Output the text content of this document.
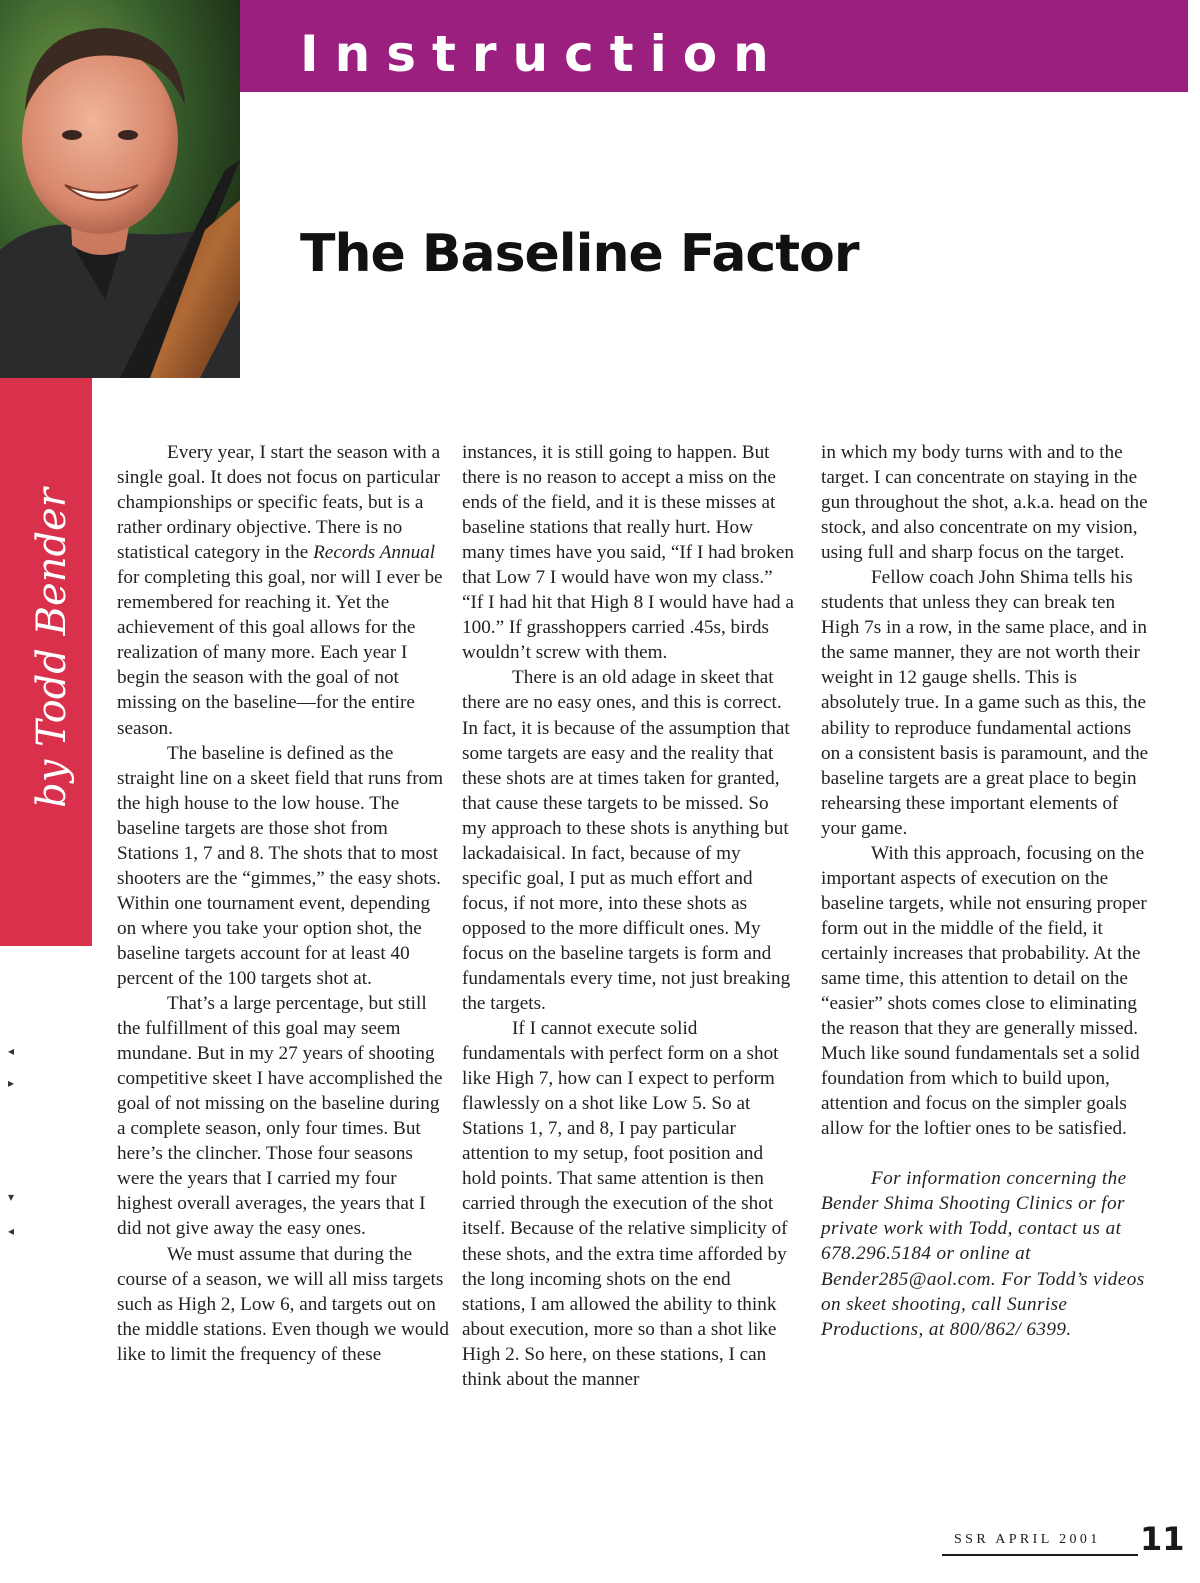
Instruction
by Todd Bender
◂
▸
▾
◂
The Baseline Factor

Every year, I start the season with a single goal. It does not focus on particular championships or specific feats, but is a rather ordinary objective. There is no statistical category in the Records Annual for completing this goal, nor will I ever be remembered for reaching it. Yet the achievement of this goal allows for the realization of many more. Each year I begin the season with the goal of not missing on the baseline—for the entire season.

The baseline is defined as the straight line on a skeet field that runs from the high house to the low house. The baseline targets are those shot from Stations 1, 7 and 8. The shots that to most shooters are the “gimmes,” the easy shots. Within one tournament event, depending on where you take your option shot, the baseline targets account for at least 40 percent of the 100 targets shot at.

That’s a large percentage, but still the fulfillment of this goal may seem mundane. But in my 27 years of shooting competitive skeet I have accomplished the goal of not missing on the baseline during a complete season, only four times. But here’s the clincher. Those four seasons were the years that I carried my four highest overall averages, the years that I did not give away the easy ones.

We must assume that during the course of a season, we will all miss targets such as High 2, Low 6, and targets out on the middle stations. Even though we would like to limit the frequency of these

instances, it is still going to happen. But there is no reason to accept a miss on the ends of the field, and it is these misses at baseline stations that really hurt. How many times have you said, “If I had broken that Low 7 I would have won my class.” “If I had hit that High 8 I would have had a 100.” If grasshoppers carried .45s, birds wouldn’t screw with them.

There is an old adage in skeet that there are no easy ones, and this is correct. In fact, it is because of the assumption that some targets are easy and the reality that these shots are at times taken for granted, that cause these targets to be missed. So my approach to these shots is anything but lackadaisical. In fact, because of my specific goal, I put as much effort and focus, if not more, into these shots as opposed to the more difficult ones. My focus on the baseline targets is form and fundamentals every time, not just breaking the targets.

If I cannot execute solid fundamentals with perfect form on a shot like High 7, how can I expect to perform flawlessly on a shot like Low 5. So at Stations 1, 7, and 8, I pay particular attention to my setup, foot position and hold points. That same attention is then carried through the execution of the shot itself. Because of the relative simplicity of these shots, and the extra time afforded by the long incoming shots on the end stations, I am allowed the ability to think about execution, more so than a shot like High 2. So here, on these stations, I can think about the manner

in which my body turns with and to the target. I can concentrate on staying in the gun throughout the shot, a.k.a. head on the stock, and also concentrate on my vision, using full and sharp focus on the target.

Fellow coach John Shima tells his students that unless they can break ten High 7s in a row, in the same place, and in the same manner, they are not worth their weight in 12 gauge shells. This is absolutely true. In a game such as this, the ability to reproduce fundamental actions on a consistent basis is paramount, and the baseline targets are a great place to begin rehearsing these important elements of your game.

With this approach, focusing on the important aspects of execution on the baseline targets, while not ensuring proper form out in the middle of the field, it certainly increases that probability. At the same time, this attention to detail on the “easier” shots comes close to eliminating the reason that they are generally missed. Much like sound fundamentals set a solid foundation from which to build upon, attention and focus on the simpler goals allow for the loftier ones to be satisfied.

For information concerning the Bender Shima Shooting Clinics or for private work with Todd, contact us at 678.296.5184 or online at Bender285@aol.com. For Todd’s videos on skeet shooting, call Sunrise Productions, at 800/862/ 6399.

SSR APRIL 2001 11
